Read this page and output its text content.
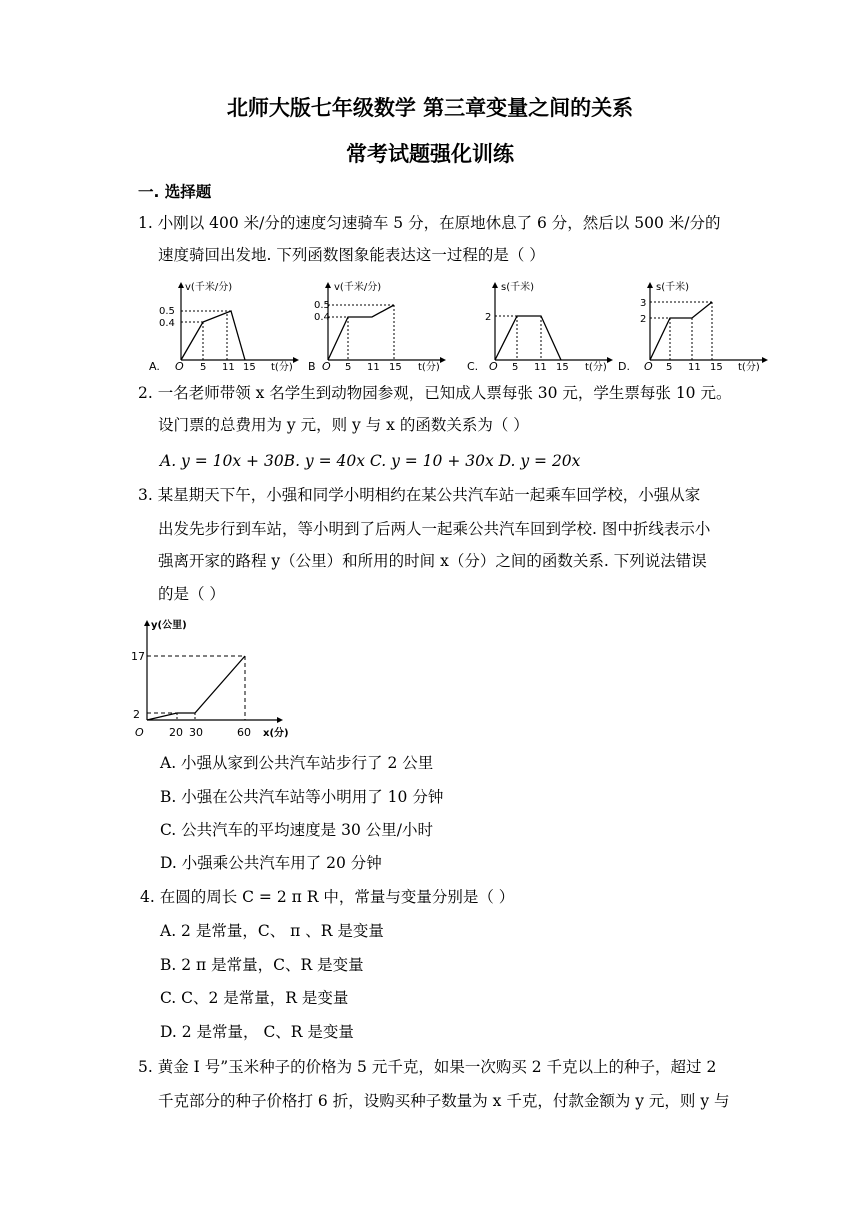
北师大版七年级数学 第三章变量之间的关系
常考试题强化训练
一. 选择题
1. 小刚以 400 米/分的速度匀速骑车 5 分，在原地休息了 6 分，然后以 500 米/分的
速度骑回出发地. 下列函数图象能表达这一过程的是（ ）
v(千米/分)
t(分)
A. O
0.5
0.4
5 11 15
v(千米/分)
t(分)
B O
0.5
0.4
5 11 15
s(千米)
t(分)
C. O
2
5 11 15
s(千米)
t(分)
D. O
3
2
5 11 15
2. 一名老师带领 x 名学生到动物园参观，已知成人票每张 30 元，学生票每张 10 元。
设门票的总费用为 y 元，则 y 与 x 的函数关系为（ ）
A. y = 10x + 30B. y = 40x C. y = 10 + 30x D. y = 20x
3. 某星期天下午，小强和同学小明相约在某公共汽车站一起乘车回学校，小强从家
出发先步行到车站，等小明到了后两人一起乘公共汽车回到学校. 图中折线表示小
强离开家的路程 y（公里）和所用的时间 x（分）之间的函数关系. 下列说法错误
的是（ ）
y(公里)
x(分)
O
17
2
20 30	60
A. 小强从家到公共汽车站步行了 2 公里
B. 小强在公共汽车站等小明用了 10 分钟
C. 公共汽车的平均速度是 30 公里/小时
D. 小强乘公共汽车用了 20 分钟
4. 在圆的周长 C = 2 π R 中，常量与变量分别是（ ）
A. 2 是常量，C、 π 、R 是变量
B. 2 π 是常量，C、R 是变量
C. C、2 是常量，R 是变量
D. 2 是常量， C、R 是变量
5. 黄金 Ⅰ 号”玉米种子的价格为 5 元千克，如果一次购买 2 千克以上的种子，超过 2
千克部分的种子价格打 6 折，设购买种子数量为 x 千克，付款金额为 y 元，则 y 与
